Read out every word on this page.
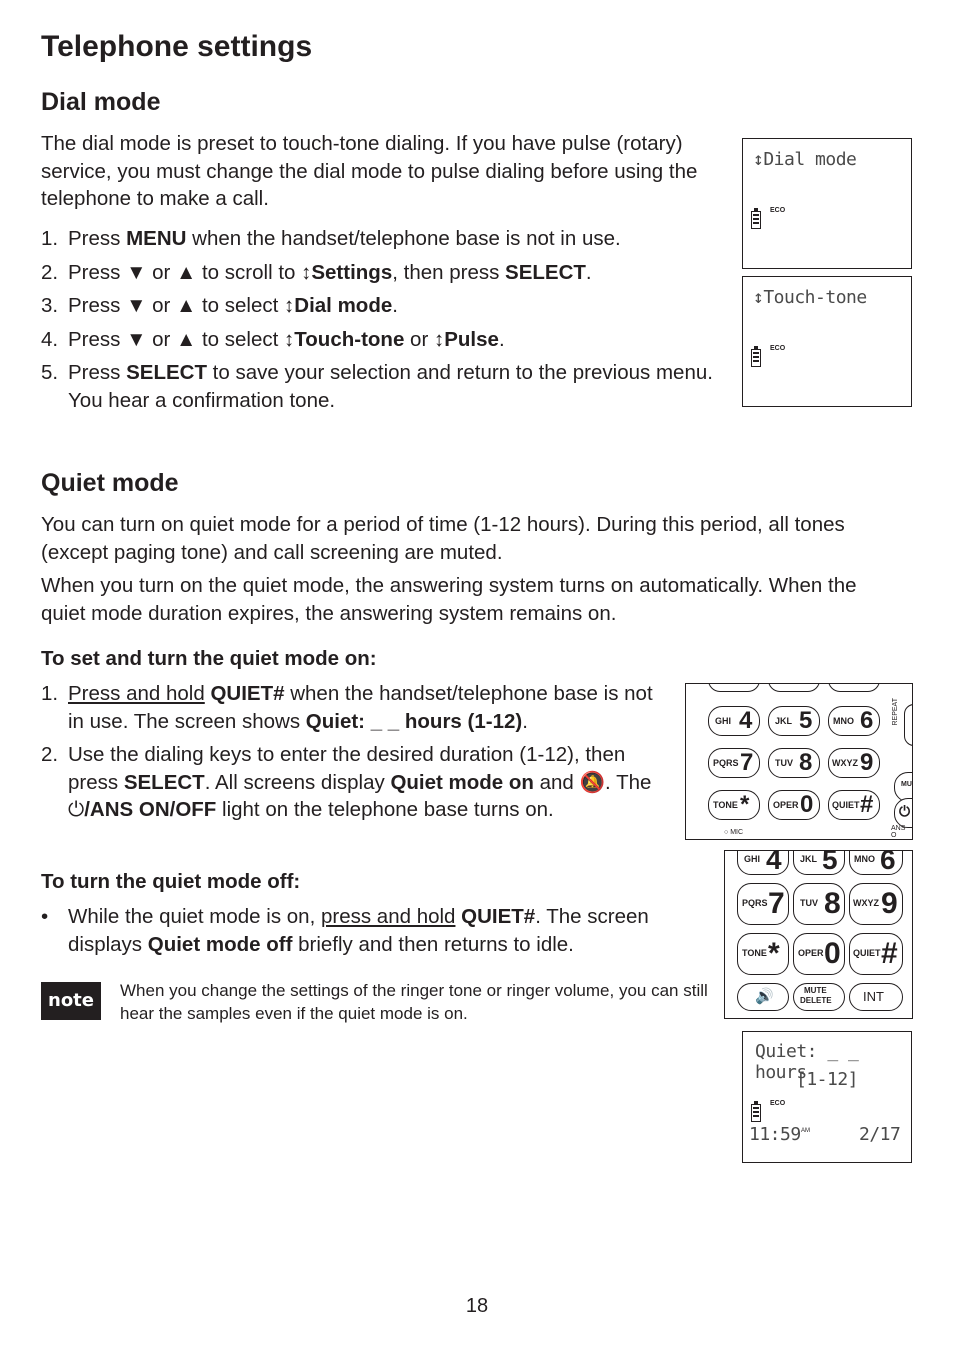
Telephone settings
Dial mode

The dial mode is preset to touch-tone dialing. If you have pulse (rotary) service, you must change the dial mode to pulse dialing before using the telephone to make a call.

1. Press MENU when the handset/telephone base is not in use.
2. Press ▼ or ▲ to scroll to ↕Settings, then press SELECT.
3. Press ▼ or ▲ to select ↕Dial mode.
4. Press ▼ or ▲ to select ↕Touch-tone or ↕Pulse.
5. Press SELECT to save your selection and return to the previous menu. You hear a confirmation tone.
↕Dial mode
ECO
↕Touch-tone
ECO
Quiet mode

You can turn on quiet mode for a period of time (1-12 hours). During this period, all tones (except paging tone) and call screening are muted.

When you turn on the quiet mode, the answering system turns on automatically. When the quiet mode duration expires, the answering system remains on.

To set and turn the quiet mode on:
1. Press and hold QUIET# when the handset/telephone base is not in use. The screen shows Quiet: _ _ hours (1-12).
2. Use the dialing keys to enter the desired duration (1-12), then press SELECT. All screens display Quiet mode on and 🔕. The ⏻/ANS ON/OFF light on the telephone base turns on.
To turn the quiet mode off:
• While the quiet mode is on, press and hold QUIET#. The screen displays Quiet mode off briefly and then returns to idle.
note	When you change the settings of the ringer tone or ringer volume, you can still hear the samples even if the quiet mode is on.

GHI 4	JKL 5 MNO 6
PQRS 7 TUV 8 WXYZ 9
TONE *	OPER 0 QUIET #
REPEAT
MU
⏻
ANS O
○ MIC
GHI 4 JKL 5 MNO 6
PQRS 7 TUV 8 WXYZ 9
TONE * OPER 0 QUIET #
🔊	MUTE
DELETE INT
Quiet: _ _ hours
[1-12]
ECO
11:59 AM	2/17
18
